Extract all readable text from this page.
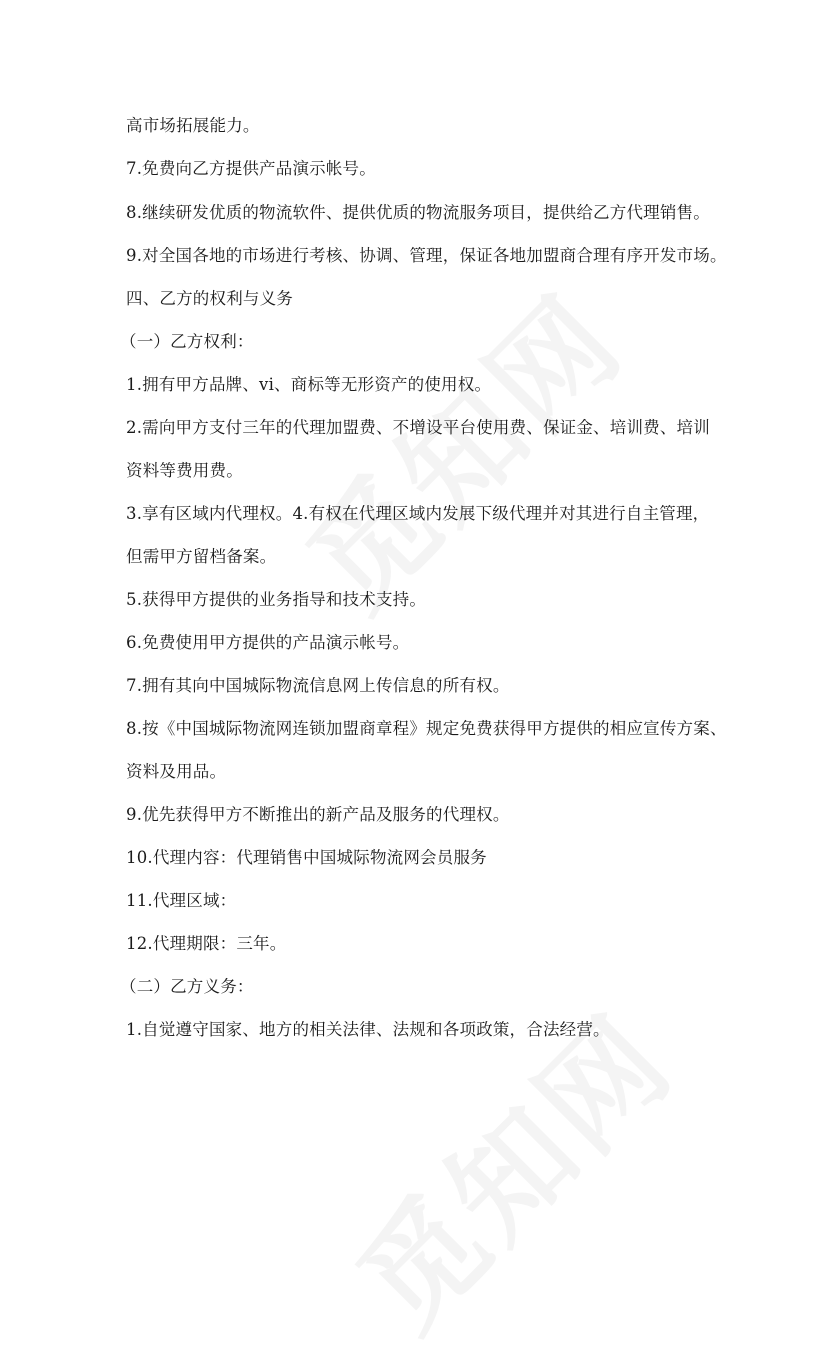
高市场拓展能力。
7.免费向乙方提供产品演示帐号。
8.继续研发优质的物流软件、提供优质的物流服务项目，提供给乙方代理销售。
9.对全国各地的市场进行考核、协调、管理，保证各地加盟商合理有序开发市场。
四、乙方的权利与义务
（一）乙方权利：
1.拥有甲方品牌、vi、商标等无形资产的使用权。
2.需向甲方支付三年的代理加盟费、不增设平台使用费、保证金、培训费、培训
资料等费用费。
3.享有区域内代理权。4.有权在代理区域内发展下级代理并对其进行自主管理，
但需甲方留档备案。
5.获得甲方提供的业务指导和技术支持。
6.免费使用甲方提供的产品演示帐号。
7.拥有其向中国城际物流信息网上传信息的所有权。
8.按《中国城际物流网连锁加盟商章程》规定免费获得甲方提供的相应宣传方案、
资料及用品。
9.优先获得甲方不断推出的新产品及服务的代理权。
10.代理内容：代理销售中国城际物流网会员服务
11.代理区域：
12.代理期限：三年。
（二）乙方义务：
1.自觉遵守国家、地方的相关法律、法规和各项政策，合法经营。
